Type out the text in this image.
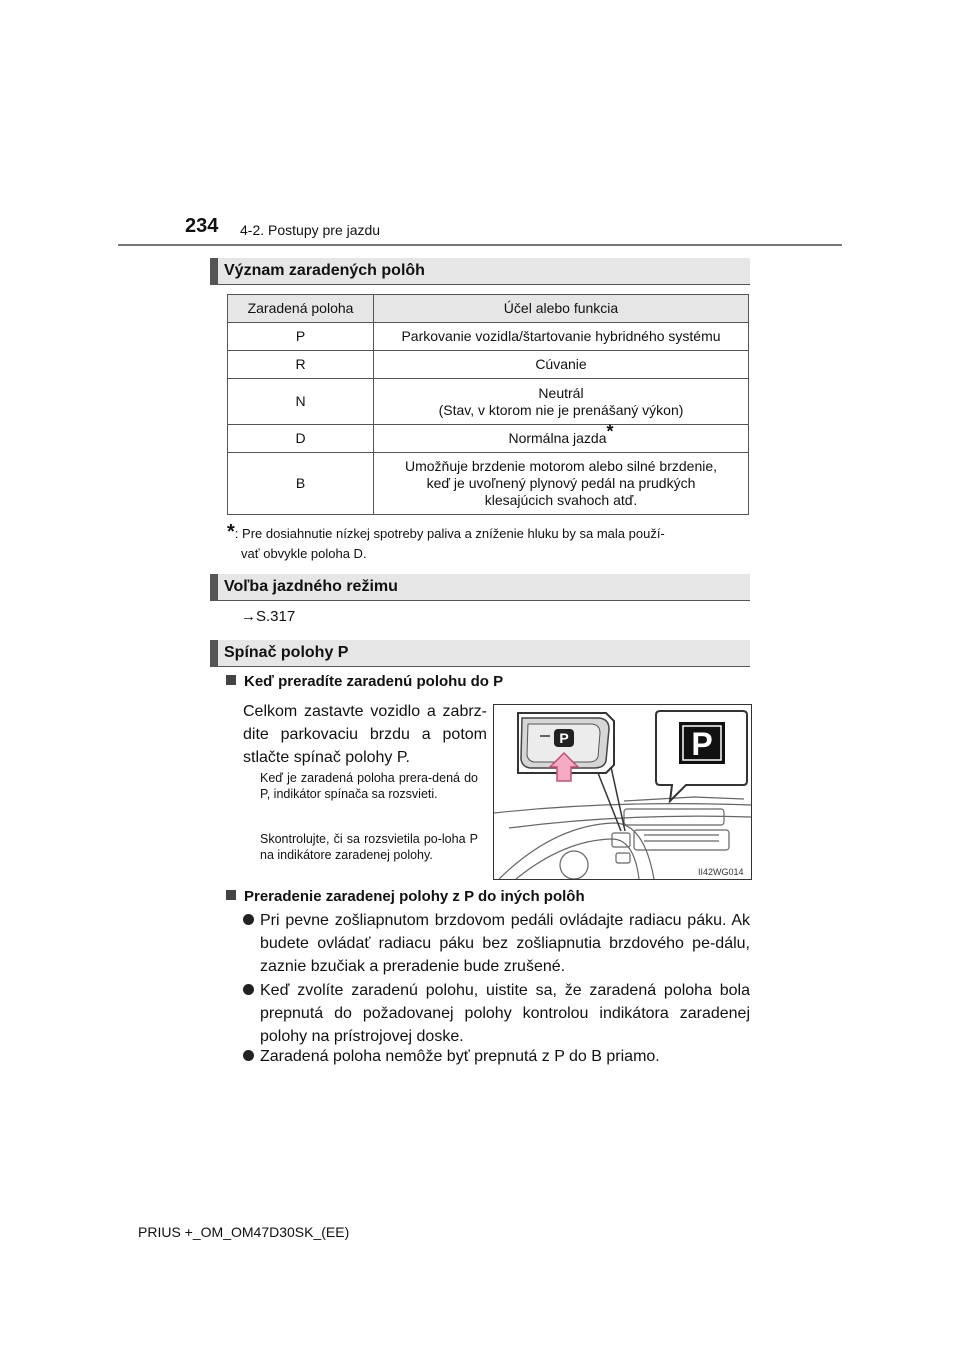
234 4-2. Postupy pre jazdu
Význam zaradených polôh
Zaradená poloha	Účel alebo funkcia
P	Parkovanie vozidla/štartovanie hybridného systému
R	Cúvanie
N	Neutrál
(Stav, v ktorom nie je prenášaný výkon)

D	Normálna jazda*
B	Umožňuje brzdenie motorom alebo silné brzdenie,
keď je uvoľnený plynový pedál na prudkých
klesajúcich svahoch atď.
*: Pre dosiahnutie nízkej spotreby paliva a zníženie hluku by sa mala použí-
vať obvykle poloha D.
Voľba jazdného režimu
→S.317
Spínač polohy P
Keď preradíte zaradenú polohu do P
Celkom zastavte vozidlo a zabrz-dite parkovaciu brzdu a potom stlačte spínač polohy P.
Keď je zaradená poloha prera-dená do P, indikátor spínača sa rozsvieti.
Skontrolujte, či sa rozsvietila po-loha P na indikátore zaradenej polohy.
P	P
II42WG014
Preradenie zaradenej polohy z P do iných polôh
Pri pevne zošliapnutom brzdovom pedáli ovládajte radiacu páku. Ak budete ovládať radiacu páku bez zošliapnutia brzdového pe-dálu, zaznie bzučiak a preradenie bude zrušené.
Keď zvolíte zaradenú polohu, uistite sa, že zaradená poloha bola prepnutá do požadovanej polohy kontrolou indikátora zaradenej polohy na prístrojovej doske.
Zaradená poloha nemôže byť prepnutá z P do B priamo.
PRIUS +_OM_OM47D30SK_(EE)
